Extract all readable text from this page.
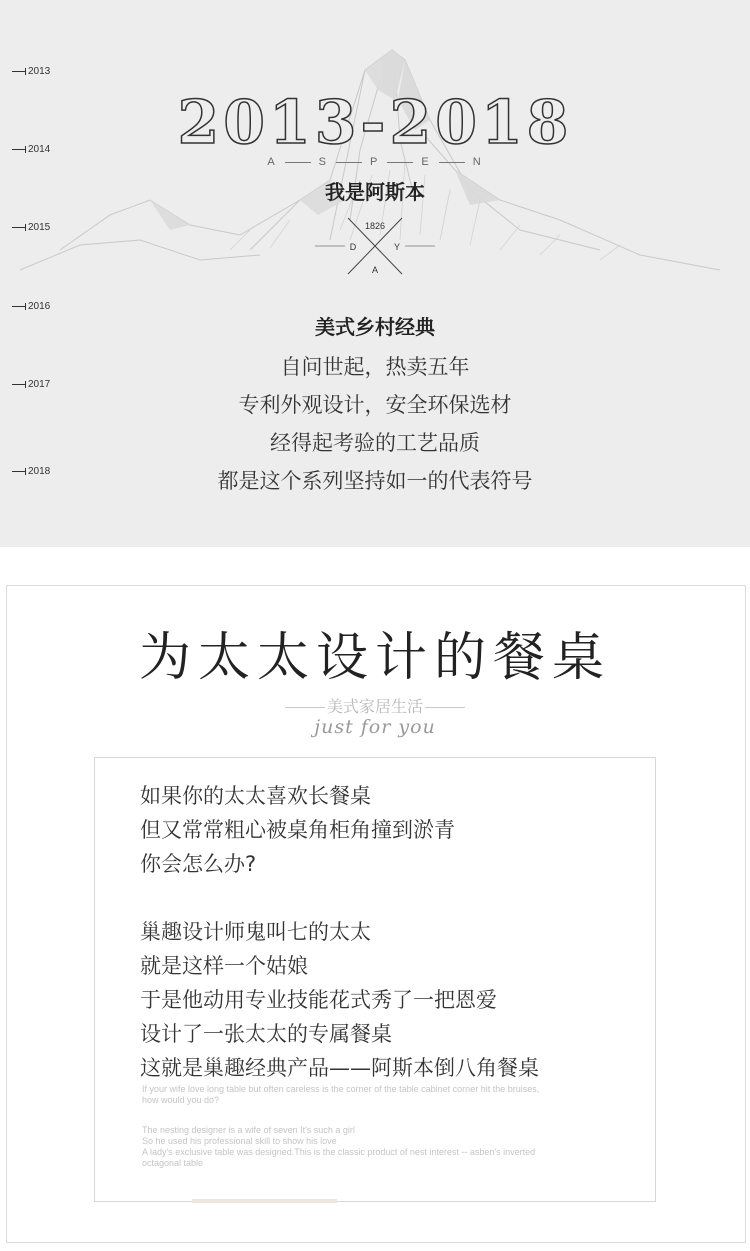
2013
2014
2015
2016
2017
2018
2013-2018
A	S	P	E	N
我是阿斯本
1826
D	Y
A
美式乡村经典
自问世起，热卖五年
专利外观设计，安全环保选材
经得起考验的工艺品质
都是这个系列坚持如一的代表符号
为太太设计的餐桌
美式家居生活
just for you
如果你的太太喜欢长餐桌
但又常常粗心被桌角柜角撞到淤青
你会怎么办?
巢趣设计师鬼叫七的太太
就是这样一个姑娘
于是他动用专业技能花式秀了一把恩爱
设计了一张太太的专属餐桌
这就是巢趣经典产品——阿斯本倒八角餐桌
If your wife love long table but often careless is the corner of the table cabinet corner hit the bruises,
how would you do?
The nesting designer is a wife of seven It's such a girl
So he used his professional skill to show his love
A lady's exclusive table was designed.This is the classic product of nest interest -- asben's inverted
octagonal table
